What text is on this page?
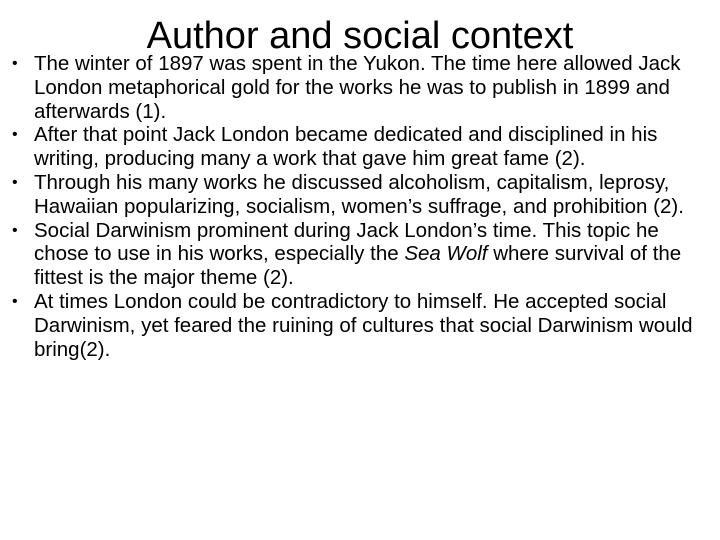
Author and social context
• The winter of 1897 was spent in the Yukon. The time here allowed Jack London metaphorical gold for the works he was to publish in 1899 and afterwards (1).
• After that point Jack London became dedicated and disciplined in his writing, producing many a work that gave him great fame (2).
• Through his many works he discussed alcoholism, capitalism, leprosy, Hawaiian popularizing, socialism, women’s suffrage, and prohibition (2).
• Social Darwinism prominent during Jack London’s time. This topic he chose to use in his works, especially the Sea Wolf where survival of the fittest is the major theme (2).
• At times London could be contradictory to himself. He accepted social Darwinism, yet feared the ruining of cultures that social Darwinism would bring(2).
